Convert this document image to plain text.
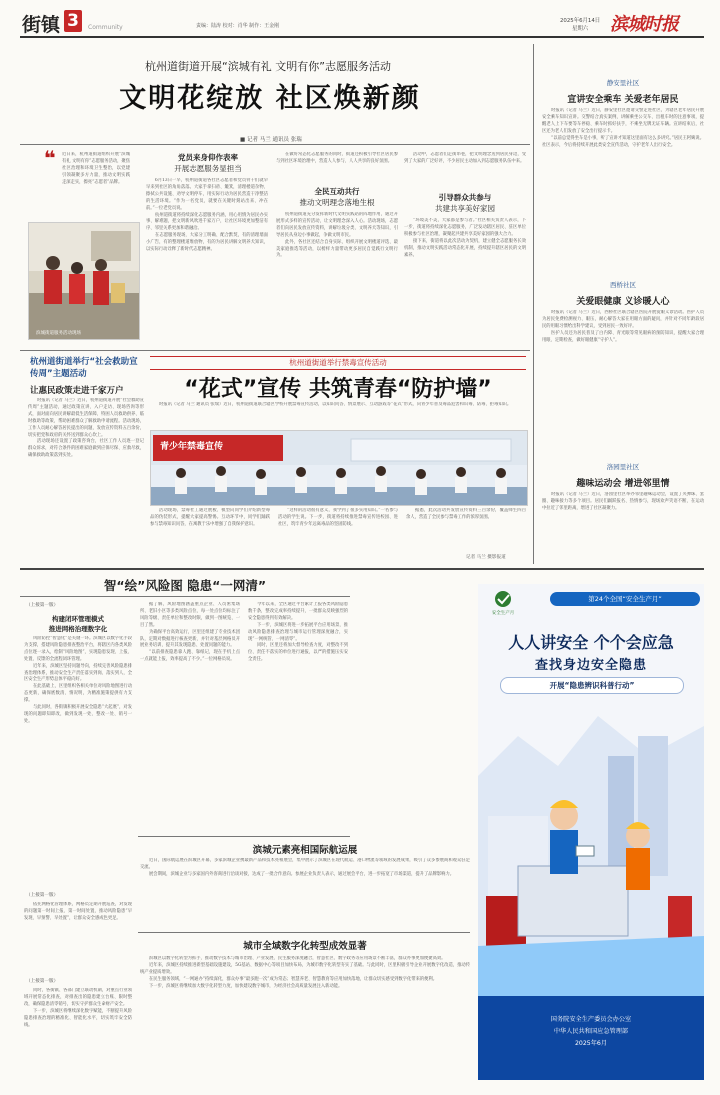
街镇 3	Community	责编：陆涛 校对：肖华 制作：王金刚
2025年6月14日
星期六 滨城时报
杭州道街道开展“滨城有礼 文明有你”志愿服务活动
文明花绽放 社区焕新颜
■ 记者 马兰 通讯员 张瑞
❝ 近日来，杭州道街道组织开展“滨城有礼 文明有你”志愿服务活动，聚焦社区治理和环境卫生整治，以党建引领凝聚多方力量，推动文明实践走深走实，擦亮“志愿者”品牌。

滨城街道服务活动现场
党员来身仰作表率
开展志愿服务显担当

6月13日一早，杭州道街道各社区志愿者和党员骨干们就早早来到社区的角角落落。大家手拿扫帚、簸箕，清理楼道杂物、擦拭公共设施、劝导文明停车，用实际行动为居民营造干净整洁的生活环境。“作为一名党员，就要在关键时刻站出来、冲在前。”一位老党员说。

杭州道街道将持续深化志愿服务内涵，用心用情为居民办实事、解难题，把文明新风吹进千家万户，让社区环境更加整洁有序、邻里关系更加和谐融洽。

在志愿服务现场，大家分工明确、配合默契，有的清理墙面小广告，有的整理楼道堆放物，有的为居民讲解文明养犬知识，以实际行动诠释了新时代志愿精神。

在做好常态化志愿服务的同时，街道还积极引导社区居民参与到社区环境治理中，营造人人参与、人人共享的良好氛围。

全民互动共行
推动文明理念落地生根

杭州道街道充分发挥新时代文明实践站的阵地作用，通过开展形式多样的宣传活动，让文明理念深入人心。活动现场，志愿者们向居民发放宣传资料，讲解垃圾分类、文明养犬等知识，引导居民从身边小事做起，争做文明市民。

此外，各社区还结合自身实际，组织开展文明楼道评选、最美家庭推选等活动，以榜样力量带动更多居民自觉践行文明行为。

活动中，志愿者们走街串巷，把文明理念送到居民身边，受到了大家的广泛好评，不少居民主动加入到志愿服务队伍中来。

引导群众共参与
共建共享美好家园

“环境美不美，大家都是参与者。”社区相关负责人表示，下一步，街道将持续深化志愿服务，广泛发动辖区居民、驻区单位积极参与社区治理，凝聚起共建共享美好家园的强大合力。

接下来，街道将以此次活动为契机，建立健全志愿服务长效机制，推动文明实践活动常态化开展，持续提升辖区居民的文明素养。

杭州道街道举行“社会救助宣传周”主题活动
让惠民政策走进千家万户

时报讯（记者 马兰）近日，杭州道街道开展“社会救助宣传周”主题活动，通过政策宣讲、入户走访、现场咨询等形式，面对面向居民讲解最低生活保障、特困人员救助供养、临时救助等政策，帮助困难群众了解救助申请流程。活动现场，工作人员耐心解答居民提出的问题，发放宣传资料五百余份，切实把党和政府的关怀送到群众心坎上。

活动现场还设置了政策咨询台，社区工作人员逐一登记群众诉求，对符合条件的困难家庭做到应保尽保、应救尽救，确保救助政策落到实处。

杭州道街道举行禁毒宣传活动
“花式”宣传 共筑青春“防护墙”

时报讯（记者 马兰 通讯员 张瑞）近日，杭州道街道联合辖区学校开展禁毒宣传活动，以知识问答、情景展示、互动游戏等“花式”形式，向青少年普及毒品危害和识毒、防毒、拒毒知识。

青少年禁毒宣传

活动现场，禁毒社工通过展板、模型向同学们介绍新型毒品的伪装形式，提醒大家提高警惕。互动环节中，同学们踊跃参与禁毒知识问答，在寓教于乐中增强了自我保护意识。

“这样的活动很有意义，我学到了很多实用知识。”一名参与活动的学生说。下一步，街道将持续推进禁毒宣传进校园、进社区，筑牢青少年远离毒品的坚固防线。

据悉，此次活动共发放宣传资料三百余份，覆盖师生四百余人，营造了全民参与禁毒工作的浓厚氛围。

记者 马兰 摄影报道
静安里社区
宣讲安全乘车 关爱老年居民

时报讯（记者 马兰）近日，静安里社区邀请交警走进社区，为辖区老年居民开展安全乘车知识宣讲。交警结合真实案例，讲解乘坐公交车、出租车时的注意事项，提醒老人上下车要等车停稳、乘车时抓好扶手，不乘坐无牌无证车辆。宣讲结束后，社区还为老人们发放了安全出行提示卡。

“以前总觉得坐车是小事，听了宣讲才知道这里面有这么多讲究。”居民王阿姨说。社区表示，今后将持续开展此类安全宣传活动，守护老年人出行安全。

西桥社区
关爱眼健康 义诊暖人心

时报讯（记者 马兰）近日，西桥社区联合辖区医院开展爱眼义诊活动。医护人员为居民免费检测视力、眼压，耐心解答大家在用眼方面的疑问，并针对不同年龄段居民的用眼习惯给出科学建议，受到居民一致好评。

医护人员还为居民普及了白内障、青光眼等常见眼病的预防知识，提醒大家合理用眼、定期检查，做好眼健康“守护人”。

洛园里社区
趣味运动会 增进邻里情

时报讯（记者 马兰）近日，洛园里社区举办邻里趣味运动会，设置了夹弹珠、套圈、趣味接力等多个项目。居民们踊跃报名、热情参与，现场欢声笑语不断，在运动中拉近了邻里距离，增进了社区凝聚力。

智“绘”风险图 隐患“一网清”
（上接第一版）
构建闭环管理模式
推进网格治理数字化

风险防控“智慧化”是关键一环。滨城区以数字化手段为支撑，搭建风险隐患排查整治平台，将辖区内各类风险点位逐一录入，绘制“风险地图”，实现隐患发现、上报、处置、反馈的全流程闭环管理。

近年来，滨城区坚持问题导向，持续完善风险隐患排查治理体系，推动安全生产责任落实到岗、落实到人，全区安全生产形势总体平稳向好。

在此基础上，区里组织各相关单位对风险地图进行动态更新，确保底数清、情况明，为精准施策提供有力支撑。

与此同时，各街镇积极开展安全隐患“大起底”，对发现的问题即知即改，做到发现一处、整改一处、销号一处。

（上接第一版）

依托网格化管理体系，网格员定期开展巡查，对发现的问题第一时间上报、第一时间处置，推动风险隐患“早发现、早预警、早处置”，让群众安全感成色更足。

（上接第一版）

同时，各街镇、各部门建立联动机制，对重点行业领域开展常态化排查，对排查出的隐患建立台账、限时整改，确保隐患清零销号，切实守护群众生命财产安全。

下一步，滨城区将继续深化数字赋能，不断提升风险隐患排查治理的精准化、智能化水平，切实筑牢安全防线。

据了解，风险地图涵盖重点企业、人员密集场所、老旧小区等多类风险点位，每一处点位均标注了风险等级、责任单位和整改时限，做到一图统览、一目了然。

为确保平台高效运行，区里还组建了专业技术团队，定期对数据进行核查更新，并针对基层网格员开展业务培训，提升其发现隐患、处置问题的能力。

“以前排查隐患靠人跑、靠纸记，现在手机上点一点就能上报，效率提高了不少。”一位网格员说。

今年以来，全区通过平台累计上报各类风险隐患数千条，整改完成率持续提升，一批群众反映强烈的安全隐患得到有效解决。

下一步，滨城区将进一步拓展平台应用场景，推动风险隐患排查治理与城市运行管理深度融合，实现“一网统管、一网清零”。

同时，区里还将加大督导检查力度，对整改不到位、责任不落实的单位进行通报，以严的措施压实安全责任。

滨城元素亮相国际航运展

近日，国际航运展在滨城区开幕，多家滨城企业携最新产品和技术亮相展会，集中展示了滨城区在现代航运、港口物流等领域的发展成果，吸引了众多参展商和观众驻足交流。

展会期间，滨城企业与多家国内外客商进行洽谈对接，达成了一批合作意向。参展企业负责人表示，通过展会平台，进一步拓宽了市场渠道，提升了品牌影响力。

城市全域数字化转型成效显著

滨城区以数字化转型为抓手，推动数字技术与城市治理、产业发展、民生服务深度融合，智慧社区、数字政务等应用场景不断丰富，群众办事更加便捷高效。

近年来，滨城区持续推进新型基础设施建设，5G基站、数据中心等项目加快布局，为城市数字化转型夯实了基础。与此同时，区里积极引导企业开展数字化改造，推动传统产业提质增效。

在民生服务领域，“一网通办”持续深化，群众办事“最多跑一次”成为常态；智慧养老、智慧教育等应用加快落地，让群众切实感受到数字化带来的便利。

下一步，滨城区将继续加大数字化转型力度，加快建设数字城市，为经济社会高质量发展注入新动能。

安全生产月
第24个全国“安全生产月”
人人讲安全 个个会应急
查找身边安全隐患
开展“隐患辨识科普行动”
国务院安全生产委员会办公室
中华人民共和国应急管理部
2025年6月
